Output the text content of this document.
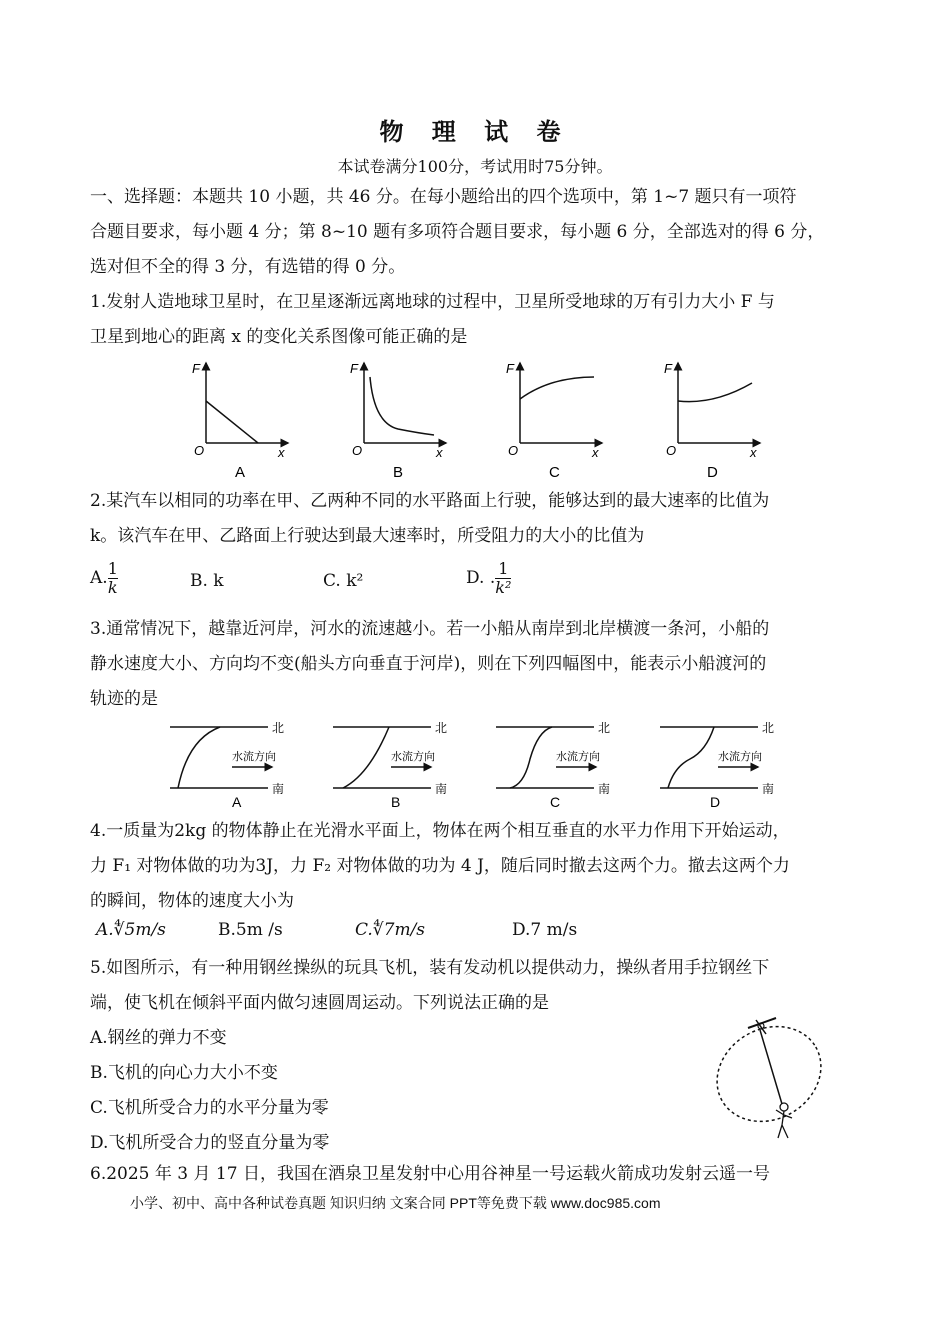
物 理 试 卷
本试卷满分100分，考试用时75分钟。
一、选择题：本题共 10 小题，共 46 分。在每小题给出的四个选项中，第 1~7 题只有一项符
合题目要求，每小题 4 分；第 8~10 题有多项符合题目要求，每小题 6 分，全部选对的得 6 分，
选对但不全的得 3 分，有选错的得 0 分。
1.发射人造地球卫星时，在卫星逐渐远离地球的过程中，卫星所受地球的万有引力大小 F 与
卫星到地心的距离 x 的变化关系图像可能正确的是
F
O	x
A
F
O	x
B
F
O	x
C
F
O	x
D
2.某汽车以相同的功率在甲、乙两种不同的水平路面上行驶，能够达到的最大速率的比值为
k。该汽车在甲、乙路面上行驶达到最大速率时，所受阻力的大小的比值为
A. $\frac{1}{k}$	B. k	C. k²	D. . $\frac{1}{\text{k²}}$
3.通常情况下，越靠近河岸，河水的流速越小。若一小船从南岸到北岸横渡一条河，小船的
静水速度大小、方向均不变(船头方向垂直于河岸)，则在下列四幅图中，能表示小船渡河的
轨迹的是
北
南
水流方向
A
北
南
水流方向
B
北
南
水流方向
C
北
南
水流方向
D
4.一质量为2kg 的物体静止在光滑水平面上，物体在两个相互垂直的水平力作用下开始运动，
力 F₁ 对物体做的功为3J，力 F₂ 对物体做的功为 4 J，随后同时撤去这两个力。撤去这两个力
的瞬间，物体的速度大小为
A.∜5m/s	B.5m /s	C.∜7m/s	D.7 m/s
5.如图所示，有一种用钢丝操纵的玩具飞机，装有发动机以提供动力，操纵者用手拉钢丝下
端，使飞机在倾斜平面内做匀速圆周运动。下列说法正确的是
A.钢丝的弹力不变
B.飞机的向心力大小不变
C.飞机所受合力的水平分量为零
D.飞机所受合力的竖直分量为零
6.2025 年 3 月 17 日，我国在酒泉卫星发射中心用谷神星一号运载火箭成功发射云遥一号
小学、初中、高中各种试卷真题 知识归纳 文案合同 PPT等免费下载 www.doc985.com
